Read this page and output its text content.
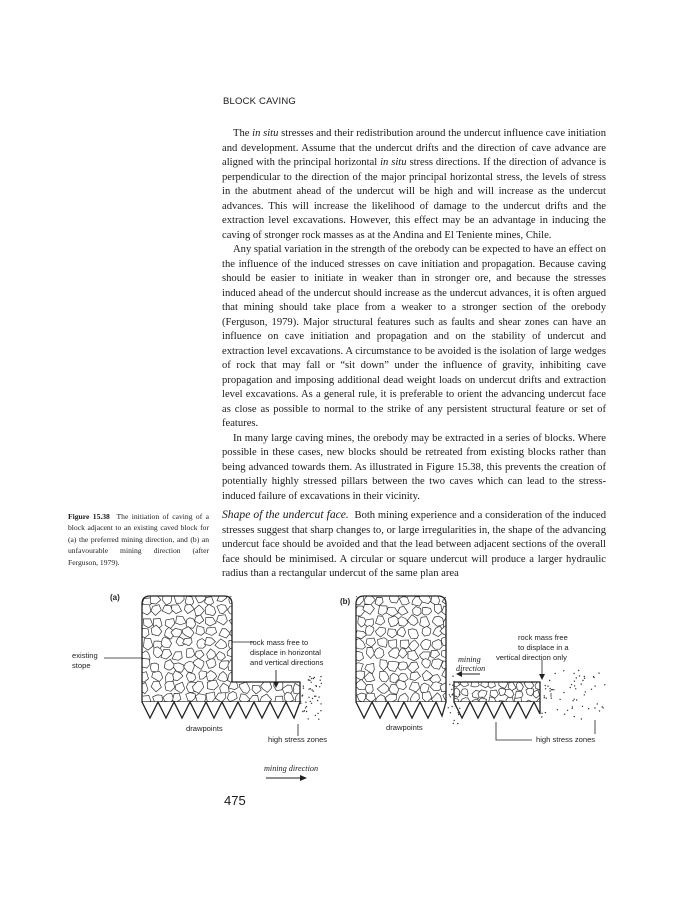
BLOCK CAVING

The in situ stresses and their redistribution around the undercut influence cave initiation and development. Assume that the undercut drifts and the direction of cave advance are aligned with the principal horizontal in situ stress directions. If the direction of advance is perpendicular to the direction of the major principal horizontal stress, the levels of stress in the abutment ahead of the undercut will be high and will increase as the undercut advances. This will increase the likelihood of damage to the undercut drifts and the extraction level excavations. However, this effect may be an advantage in inducing the caving of stronger rock masses as at the Andina and El Teniente mines, Chile.

Any spatial variation in the strength of the orebody can be expected to have an effect on the influence of the induced stresses on cave initiation and propagation. Because caving should be easier to initiate in weaker than in stronger ore, and because the stresses induced ahead of the undercut should increase as the undercut advances, it is often argued that mining should take place from a weaker to a stronger section of the orebody (Ferguson, 1979). Major structural features such as faults and shear zones can have an influence on cave initiation and propagation and on the stability of undercut and extraction level excavations. A circumstance to be avoided is the isolation of large wedges of rock that may fall or “sit down” under the influence of gravity, inhibiting cave propagation and imposing additional dead weight loads on undercut drifts and extraction level excavations. As a general rule, it is preferable to orient the advancing undercut face as close as possible to normal to the strike of any persistent structural feature or set of features.

In many large caving mines, the orebody may be extracted in a series of blocks. Where possible in these cases, new blocks should be retreated from existing blocks rather than being advanced towards them. As illustrated in Figure 15.38, this prevents the creation of potentially highly stressed pillars between the two caves which can lead to the stress-induced failure of excavations in their vicinity.

Figure 15.38 The initiation of caving of a block adjacent to an existing caved block for (a) the preferred mining direction, and (b) an unfavourable mining direction (after Ferguson, 1979).
Shape of the undercut face. Both mining experience and a consideration of the induced stresses suggest that sharp changes to, or large irregularities in, the shape of the advancing undercut face should be avoided and that the lead between adjacent sections of the overall face should be minimised. A circular or square undercut will produce a larger hydraulic radius than a rectangular undercut of the same plan area
(a)	(b)
existing
stope
rock mass free to
displace in horizontal
and vertical directions
drawpoints
high stress zones
rock mass free
to displace in a
vertical direction only
mining
direction
drawpoints
high stress zones
mining direction
475
